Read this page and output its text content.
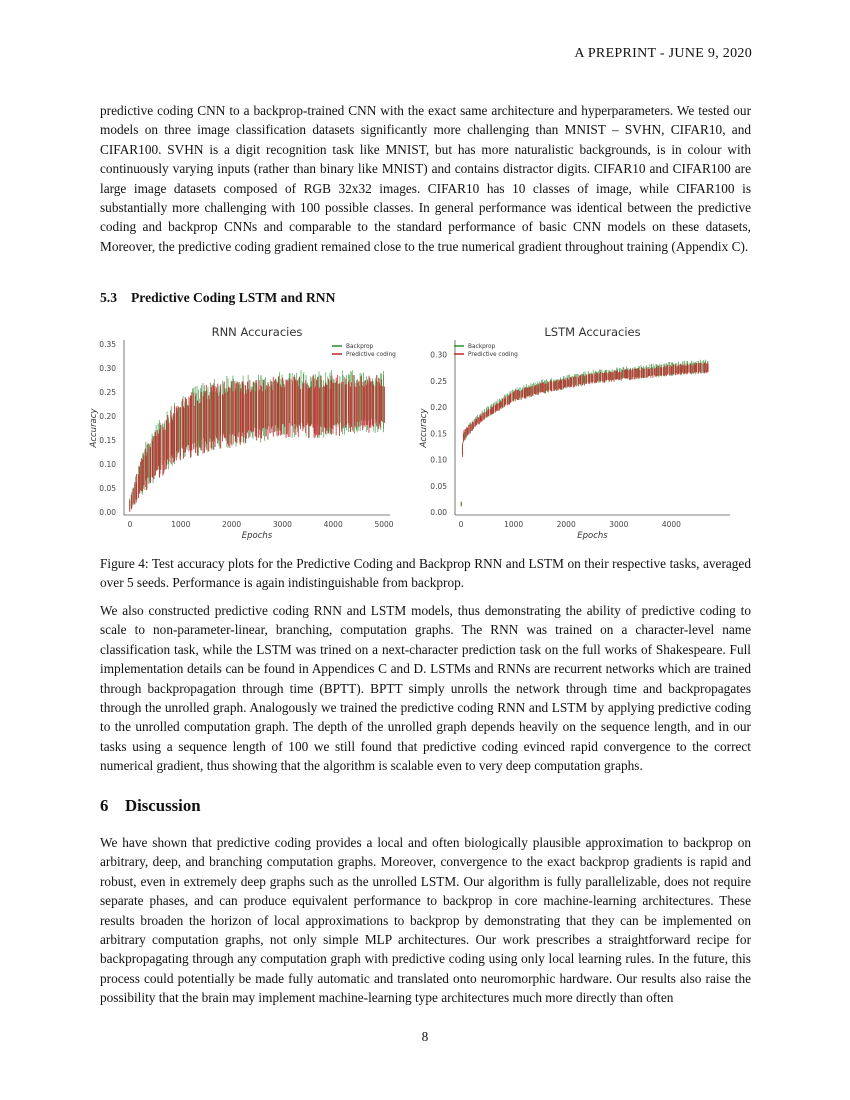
A PREPRINT - JUNE 9, 2020

predictive coding CNN to a backprop-trained CNN with the exact same architecture and hyperparameters. We tested our models on three image classification datasets significantly more challenging than MNIST – SVHN, CIFAR10, and CIFAR100. SVHN is a digit recognition task like MNIST, but has more naturalistic backgrounds, is in colour with continuously varying inputs (rather than binary like MNIST) and contains distractor digits. CIFAR10 and CIFAR100 are large image datasets composed of RGB 32x32 images. CIFAR10 has 10 classes of image, while CIFAR100 is substantially more challenging with 100 possible classes. In general performance was identical between the predictive coding and backprop CNNs and comparable to the standard performance of basic CNN models on these datasets, Moreover, the predictive coding gradient remained close to the true numerical gradient throughout training (Appendix C).

5.3 Predictive Coding LSTM and RNN
RNN Accuracies
0.00
0.05
0.10
0.15
0.20
0.25
0.30
0.35
0	1000	2000	3000	4000	5000
Epochs
Accuracy
Backprop
Predictive coding
LSTM Accuracies
0.00
0.05
0.10
0.15
0.20
0.25
0.30
0	1000	2000	3000	4000
Epochs
Accuracy
Backprop
Predictive coding

Figure 4: Test accuracy plots for the Predictive Coding and Backprop RNN and LSTM on their respective tasks, averaged over 5 seeds. Performance is again indistinguishable from backprop.

We also constructed predictive coding RNN and LSTM models, thus demonstrating the ability of predictive coding to scale to non-parameter-linear, branching, computation graphs. The RNN was trained on a character-level name classification task, while the LSTM was trined on a next-character prediction task on the full works of Shakespeare. Full implementation details can be found in Appendices C and D. LSTMs and RNNs are recurrent networks which are trained through backpropagation through time (BPTT). BPTT simply unrolls the network through time and backpropagates through the unrolled graph. Analogously we trained the predictive coding RNN and LSTM by applying predictive coding to the unrolled computation graph. The depth of the unrolled graph depends heavily on the sequence length, and in our tasks using a sequence length of 100 we still found that predictive coding evinced rapid convergence to the correct numerical gradient, thus showing that the algorithm is scalable even to very deep computation graphs.

6 Discussion

We have shown that predictive coding provides a local and often biologically plausible approximation to backprop on arbitrary, deep, and branching computation graphs. Moreover, convergence to the exact backprop gradients is rapid and robust, even in extremely deep graphs such as the unrolled LSTM. Our algorithm is fully parallelizable, does not require separate phases, and can produce equivalent performance to backprop in core machine-learning architectures. These results broaden the horizon of local approximations to backprop by demonstrating that they can be implemented on arbitrary computation graphs, not only simple MLP architectures. Our work prescribes a straightforward recipe for backpropagating through any computation graph with predictive coding using only local learning rules. In the future, this process could potentially be made fully automatic and translated onto neuromorphic hardware. Our results also raise the possibility that the brain may implement machine-learning type architectures much more directly than often

8
